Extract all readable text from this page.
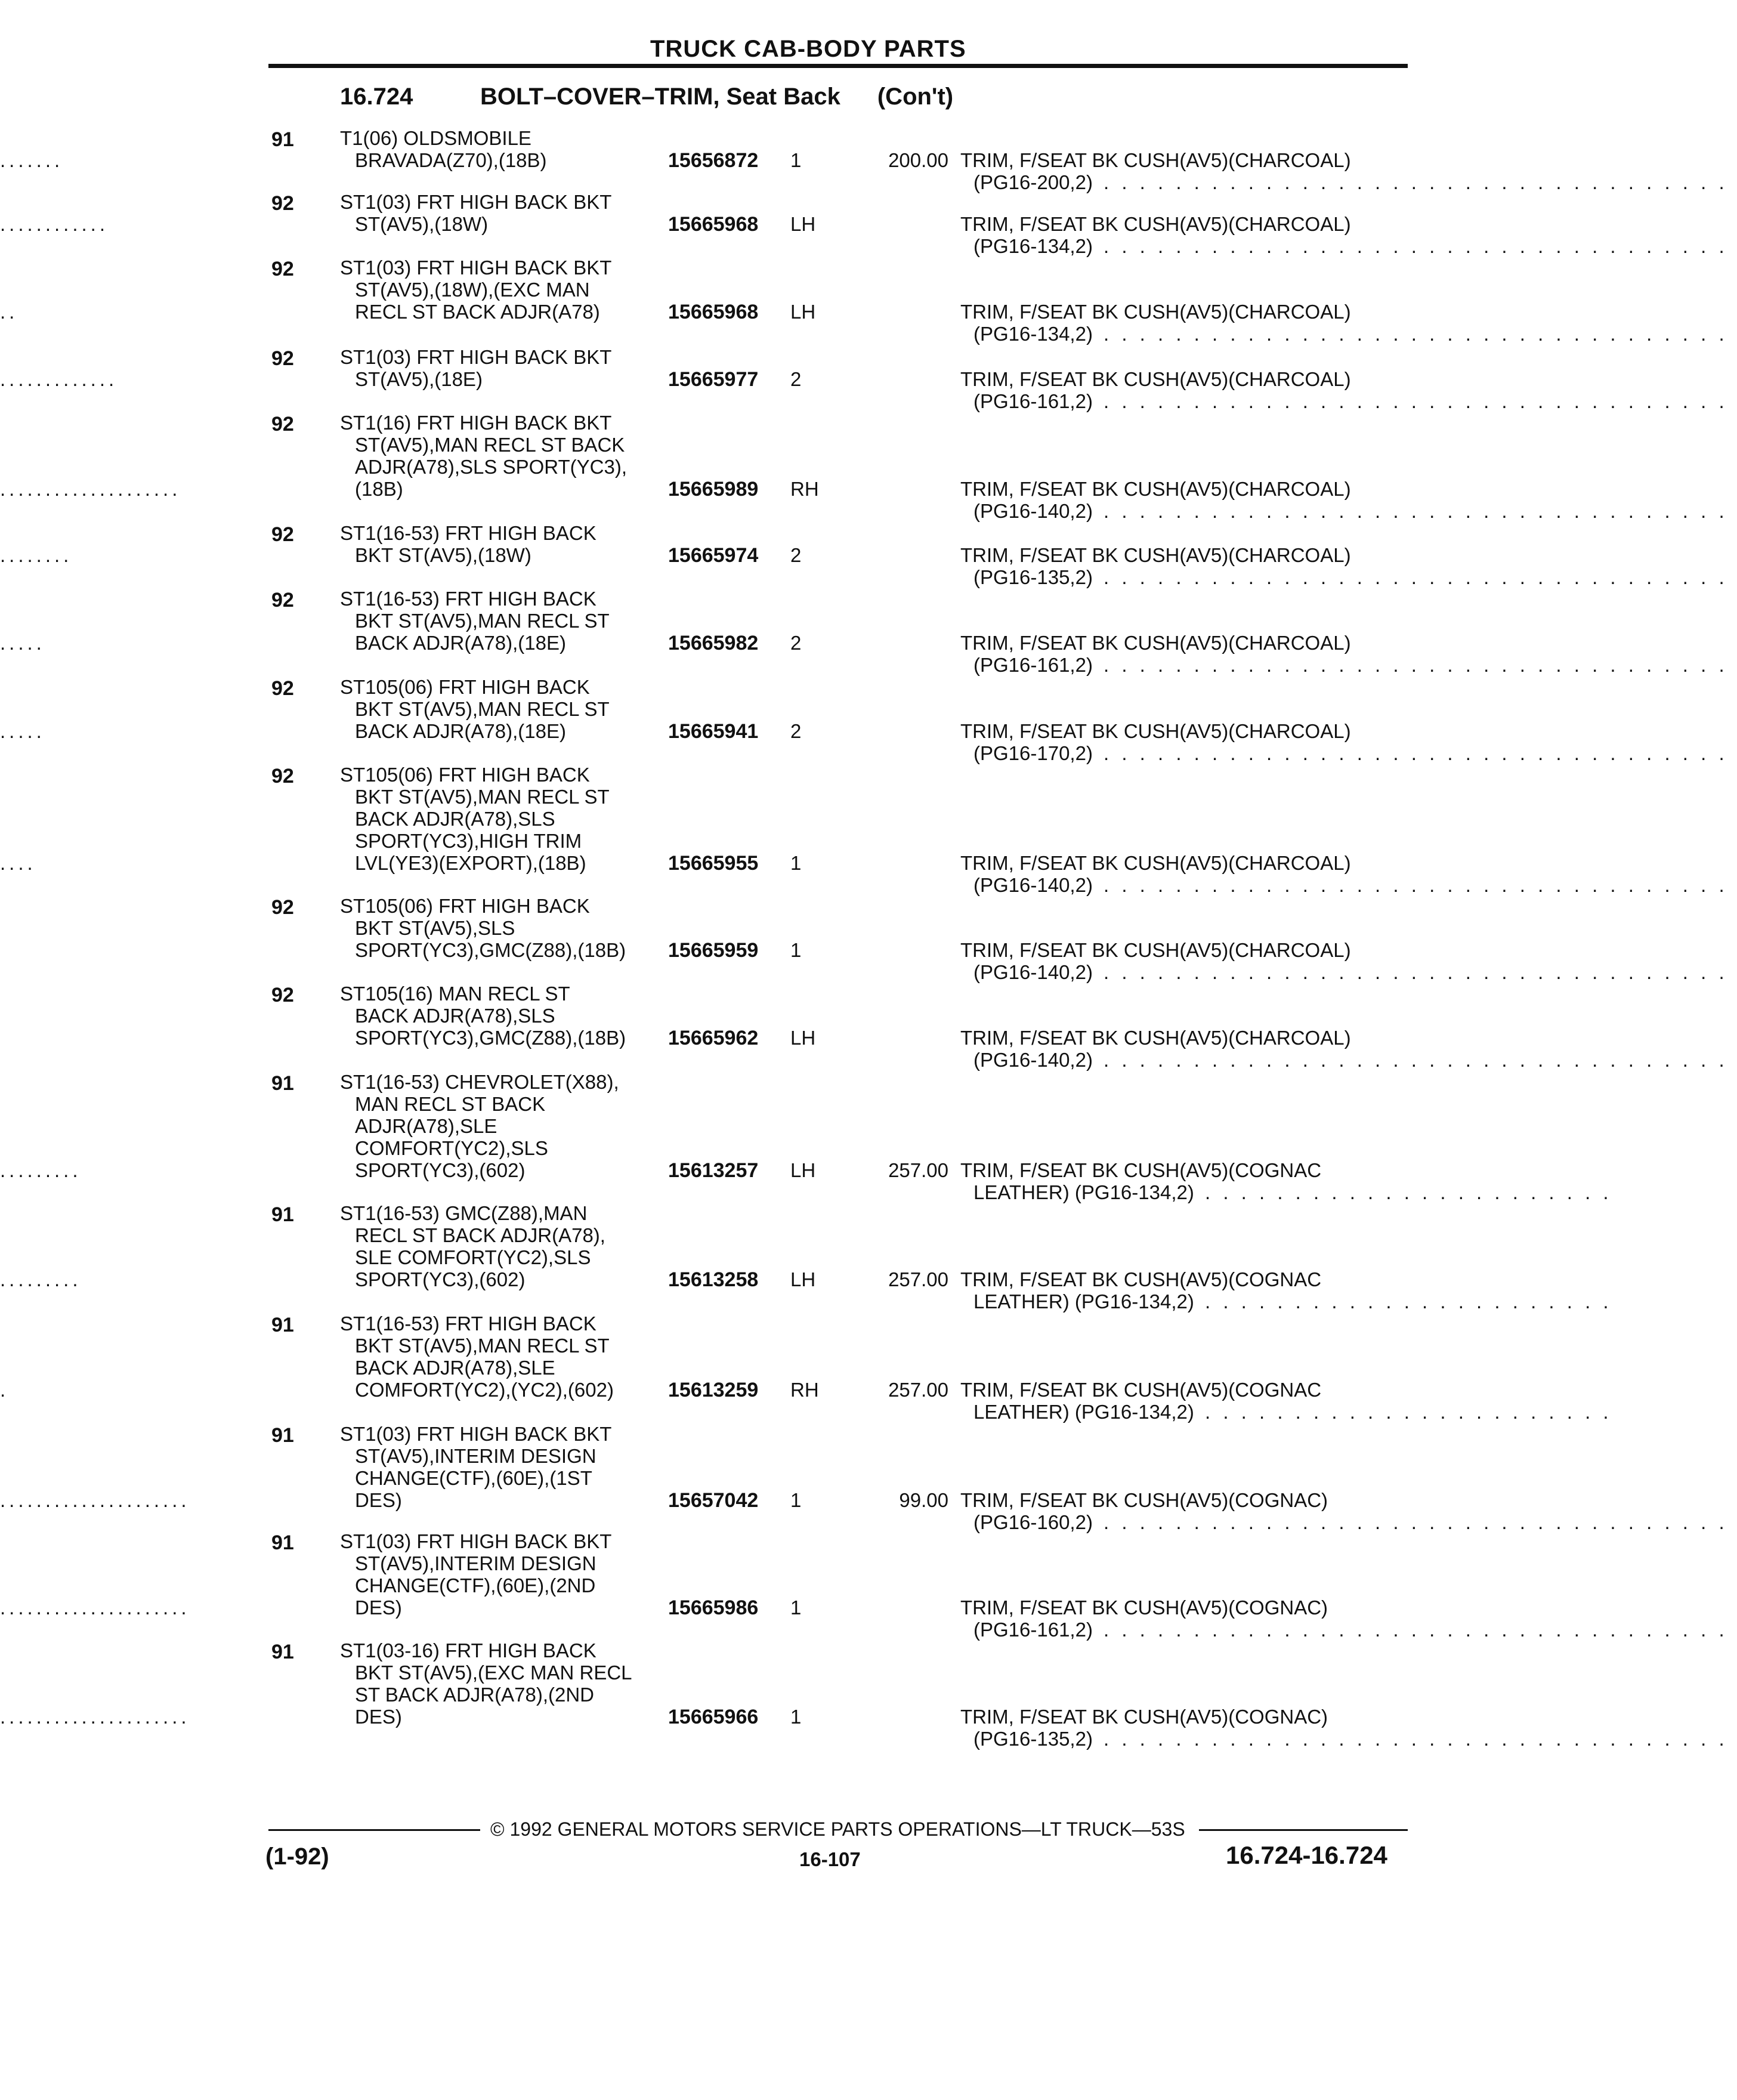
TRUCK CAB-BODY PARTS
16.724	BOLT–COVER–TRIM, Seat Back (Con't)
91 T1(06) OLDSMOBILE
BRAVADA(Z70),(18B)
.......	15656872 1	200.00 TRIM, F/SEAT BK CUSH(AV5)(CHARCOAL)
(PG16-200,2) . . . . . . . . . . . . . . . . . . . . . . . . . . . . . . . . . . .
92 ST1(03) FRT HIGH BACK BKT
ST(AV5),(18W)
............	15665968 LH	TRIM, F/SEAT BK CUSH(AV5)(CHARCOAL)
(PG16-134,2) . . . . . . . . . . . . . . . . . . . . . . . . . . . . . . . . . . .
92 ST1(03) FRT HIGH BACK BKT
ST(AV5),(18W),(EXC MAN
RECL ST BACK ADJR(A78)
..	15665968 LH	TRIM, F/SEAT BK CUSH(AV5)(CHARCOAL)
(PG16-134,2) . . . . . . . . . . . . . . . . . . . . . . . . . . . . . . . . . . .
92 ST1(03) FRT HIGH BACK BKT
ST(AV5),(18E)
.............	15665977 2	TRIM, F/SEAT BK CUSH(AV5)(CHARCOAL)
(PG16-161,2) . . . . . . . . . . . . . . . . . . . . . . . . . . . . . . . . . . .
92 ST1(16) FRT HIGH BACK BKT
ST(AV5),MAN RECL ST BACK
ADJR(A78),SLS SPORT(YC3),
(18B)
....................	15665989 RH	TRIM, F/SEAT BK CUSH(AV5)(CHARCOAL)
(PG16-140,2) . . . . . . . . . . . . . . . . . . . . . . . . . . . . . . . . . . .
92 ST1(16-53) FRT HIGH BACK
BKT ST(AV5),(18W)
........	15665974 2	TRIM, F/SEAT BK CUSH(AV5)(CHARCOAL)
(PG16-135,2) . . . . . . . . . . . . . . . . . . . . . . . . . . . . . . . . . . .
92 ST1(16-53) FRT HIGH BACK
BKT ST(AV5),MAN RECL ST
BACK ADJR(A78),(18E)
.....	15665982 2	TRIM, F/SEAT BK CUSH(AV5)(CHARCOAL)
(PG16-161,2) . . . . . . . . . . . . . . . . . . . . . . . . . . . . . . . . . . .
92 ST105(06) FRT HIGH BACK
BKT ST(AV5),MAN RECL ST
BACK ADJR(A78),(18E)
.....	15665941 2	TRIM, F/SEAT BK CUSH(AV5)(CHARCOAL)
(PG16-170,2) . . . . . . . . . . . . . . . . . . . . . . . . . . . . . . . . . . .
92 ST105(06) FRT HIGH BACK
BKT ST(AV5),MAN RECL ST
BACK ADJR(A78),SLS
SPORT(YC3),HIGH TRIM
LVL(YE3)(EXPORT),(18B)
....	15665955 1	TRIM, F/SEAT BK CUSH(AV5)(CHARCOAL)
(PG16-140,2) . . . . . . . . . . . . . . . . . . . . . . . . . . . . . . . . . . .
92 ST105(06) FRT HIGH BACK
BKT ST(AV5),SLS
SPORT(YC3),GMC(Z88),(18B) 15665959 1	TRIM, F/SEAT BK CUSH(AV5)(CHARCOAL)
(PG16-140,2) . . . . . . . . . . . . . . . . . . . . . . . . . . . . . . . . . . .
92 ST105(16) MAN RECL ST
BACK ADJR(A78),SLS
SPORT(YC3),GMC(Z88),(18B) 15665962 LH	TRIM, F/SEAT BK CUSH(AV5)(CHARCOAL)
(PG16-140,2) . . . . . . . . . . . . . . . . . . . . . . . . . . . . . . . . . . .
91 ST1(16-53) CHEVROLET(X88),
MAN RECL ST BACK
ADJR(A78),SLE
COMFORT(YC2),SLS
SPORT(YC3),(602)
.........	15613257 LH	257.00 TRIM, F/SEAT BK CUSH(AV5)(COGNAC
LEATHER) (PG16-134,2) . . . . . . . . . . . . . . . . . . . . . . .
91 ST1(16-53) GMC(Z88),MAN
RECL ST BACK ADJR(A78),
SLE COMFORT(YC2),SLS
SPORT(YC3),(602)
.........	15613258 LH	257.00 TRIM, F/SEAT BK CUSH(AV5)(COGNAC
LEATHER) (PG16-134,2) . . . . . . . . . . . . . . . . . . . . . . .
91 ST1(16-53) FRT HIGH BACK
BKT ST(AV5),MAN RECL ST
BACK ADJR(A78),SLE
COMFORT(YC2),(YC2),(602)
.	15613259 RH	257.00 TRIM, F/SEAT BK CUSH(AV5)(COGNAC
LEATHER) (PG16-134,2) . . . . . . . . . . . . . . . . . . . . . . .
91 ST1(03) FRT HIGH BACK BKT
ST(AV5),INTERIM DESIGN
CHANGE(CTF),(60E),(1ST
DES)
.....................	15657042 1	99.00 TRIM, F/SEAT BK CUSH(AV5)(COGNAC)
(PG16-160,2) . . . . . . . . . . . . . . . . . . . . . . . . . . . . . . . . . . .
91 ST1(03) FRT HIGH BACK BKT
ST(AV5),INTERIM DESIGN
CHANGE(CTF),(60E),(2ND
DES)
.....................	15665986 1	TRIM, F/SEAT BK CUSH(AV5)(COGNAC)
(PG16-161,2) . . . . . . . . . . . . . . . . . . . . . . . . . . . . . . . . . . .
91 ST1(03-16) FRT HIGH BACK
BKT ST(AV5),(EXC MAN RECL
ST BACK ADJR(A78),(2ND
DES)
.....................	15665966 1	TRIM, F/SEAT BK CUSH(AV5)(COGNAC)
(PG16-135,2) . . . . . . . . . . . . . . . . . . . . . . . . . . . . . . . . . . .
© 1992 GENERAL MOTORS SERVICE PARTS OPERATIONS—LT TRUCK—53S
(1-92)	16-107	16.724-16.724
